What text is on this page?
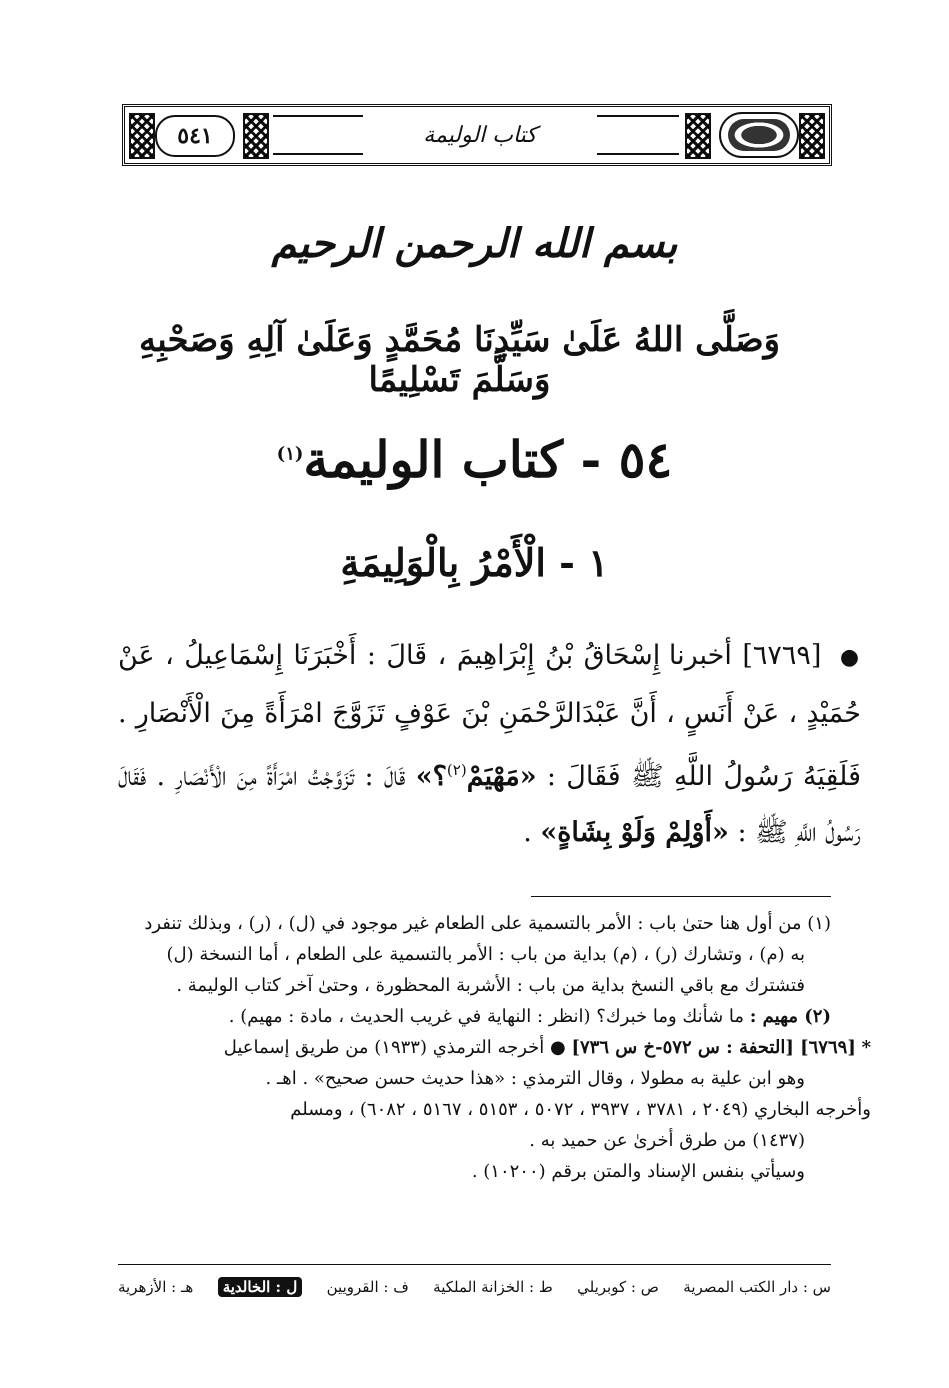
٥٤١	كتاب الوليمة
بسم الله الرحمن الرحيم
وَصَلَّى اللهُ عَلَىٰ سَيِّدِنَا مُحَمَّدٍ وَعَلَىٰ آلِهِ وَصَحْبِهِ وَسَلَّمَ تَسْلِيمًا
٥٤ - كتاب الوليمة$^{(١)}$
١ - الْأَمْرُ بِالْوَلِيمَةِ
● [٦٧٦٩] أخبرنا إِسْحَاقُ بْنُ إِبْرَاهِيمَ ، قَالَ : أَخْبَرَنَا إِسْمَاعِيلُ ، عَنْ حُمَيْدٍ ، عَنْ أَنَسٍ ، أَنَّ عَبْدَالرَّحْمَنِ بْنَ عَوْفٍ تَزَوَّجَ امْرَأَةً مِنَ الْأَنْصَارِ . فَلَقِيَهُ رَسُولُ اللَّهِ ﷺ فَقَالَ : «مَهْيَمْ$^{(٢)}$؟» قَالَ : تَزَوَّجْتُ امْرَأَةً مِنَ الْأَنْصَارِ . فَقَالَ رَسُولُ اللَّهِ ﷺ : «أَوْلِمْ وَلَوْ بِشَاةٍ» .

(١) من أول هنا حتىٰ باب : الأمر بالتسمية على الطعام غير موجود في (ل) ، (ر) ، وبذلك تنفرد

به (م) ، وتشارك (ر) ، (م) بداية من باب : الأمر بالتسمية على الطعام ، أما النسخة (ل)

فتشترك مع باقي النسخ بداية من باب : الأشربة المحظورة ، وحتىٰ آخر كتاب الوليمة .

(٢) مهيم : ما شأنك وما خبرك؟ (انظر : النهاية في غريب الحديث ، مادة : مهيم) .

* [٦٧٦٩] [التحفة : س ٥٧٢-خ س ٧٣٦] ● أخرجه الترمذي (١٩٣٣) من طريق إسماعيل

وهو ابن علية به مطولا ، وقال الترمذي : «هذا حديث حسن صحيح» . اهـ .

وأخرجه البخاري (٢٠٤٩ ، ٣٧٨١ ، ٣٩٣٧ ، ٥٠٧٢ ، ٥١٥٣ ، ٥١٦٧ ، ٦٠٨٢) ، ومسلم

(١٤٣٧) من طرق أخرىٰ عن حميد به .

وسيأتي بنفس الإسناد والمتن برقم (١٠٢٠٠) .

س : دار الكتب المصرية
ص : كوبريلي
ط : الخزانة الملكية
ف : القرويين
ل : الخالدية
هـ : الأزهرية
